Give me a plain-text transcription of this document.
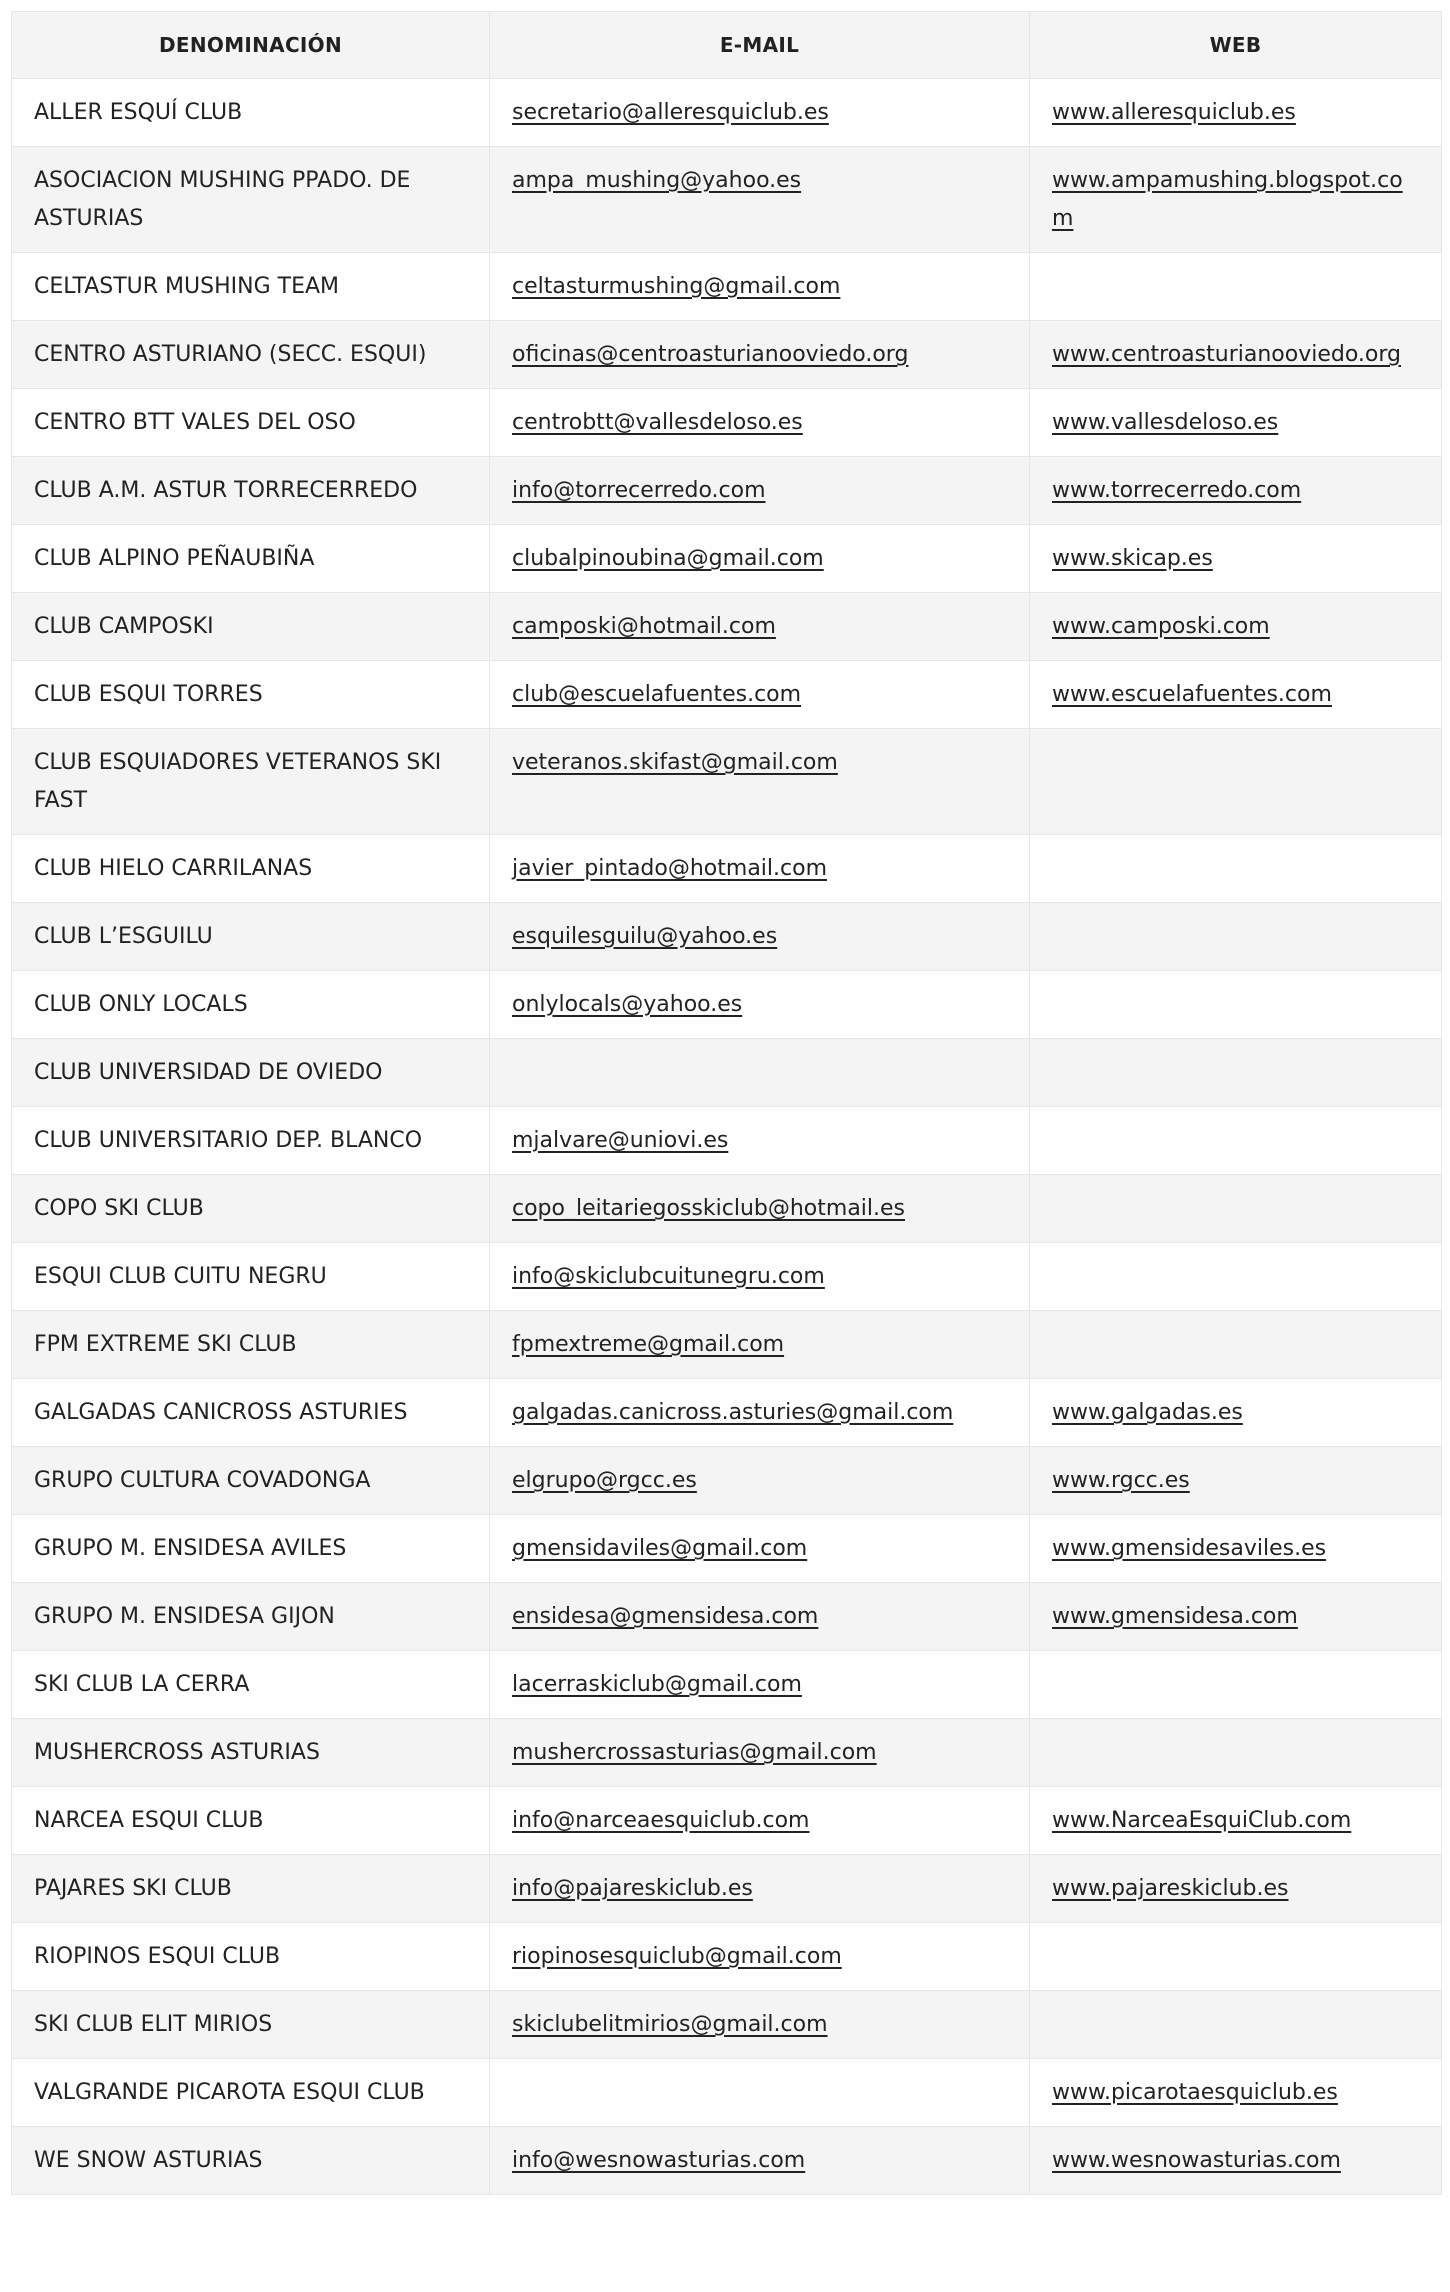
DENOMINACIÓN	E-MAIL	WEB
ALLER ESQUÍ CLUB	secretario@alleresquiclub.es	www.alleresquiclub.es
ASOCIACION MUSHING PPADO. DE ASTURIAS	ampa_mushing@yahoo.es	www.ampamushing.blogspot.com
CELTASTUR MUSHING TEAM	celtasturmushing@gmail.com	
CENTRO ASTURIANO (SECC. ESQUI)	oficinas@centroasturianooviedo.org	www.centroasturianooviedo.org
CENTRO BTT VALES DEL OSO	centrobtt@vallesdeloso.es	www.vallesdeloso.es
CLUB A.M. ASTUR TORRECERREDO	info@torrecerredo.com	www.torrecerredo.com
CLUB ALPINO PEÑAUBIÑA	clubalpinoubina@gmail.com	www.skicap.es
CLUB CAMPOSKI	camposki@hotmail.com	www.camposki.com
CLUB ESQUI TORRES	club@escuelafuentes.com	www.escuelafuentes.com
CLUB ESQUIADORES VETERANOS SKI FAST	veteranos.skifast@gmail.com	
CLUB HIELO CARRILANAS	javier_pintado@hotmail.com	
CLUB L’ESGUILU	esquilesguilu@yahoo.es	
CLUB ONLY LOCALS	onlylocals@yahoo.es	
CLUB UNIVERSIDAD DE OVIEDO		
CLUB UNIVERSITARIO DEP. BLANCO	mjalvare@uniovi.es	
COPO SKI CLUB	copo_leitariegosskiclub@hotmail.es	
ESQUI CLUB CUITU NEGRU	info@skiclubcuitunegru.com	
FPM EXTREME SKI CLUB	fpmextreme@gmail.com	
GALGADAS CANICROSS ASTURIES	galgadas.canicross.asturies@gmail.com	www.galgadas.es
GRUPO CULTURA COVADONGA	elgrupo@rgcc.es	www.rgcc.es
GRUPO M. ENSIDESA AVILES	gmensidaviles@gmail.com	www.gmensidesaviles.es
GRUPO M. ENSIDESA GIJON	ensidesa@gmensidesa.com	www.gmensidesa.com
SKI CLUB LA CERRA	lacerraskiclub@gmail.com	
MUSHERCROSS ASTURIAS	mushercrossasturias@gmail.com	
NARCEA ESQUI CLUB	info@narceaesquiclub.com	www.NarceaEsquiClub.com
PAJARES SKI CLUB	info@pajareskiclub.es	www.pajareskiclub.es
RIOPINOS ESQUI CLUB	riopinosesquiclub@gmail.com	
SKI CLUB ELIT MIRIOS	skiclubelitmirios@gmail.com	
VALGRANDE PICAROTA ESQUI CLUB		www.picarotaesquiclub.es
WE SNOW ASTURIAS	info@wesnowasturias.com	www.wesnowasturias.com
